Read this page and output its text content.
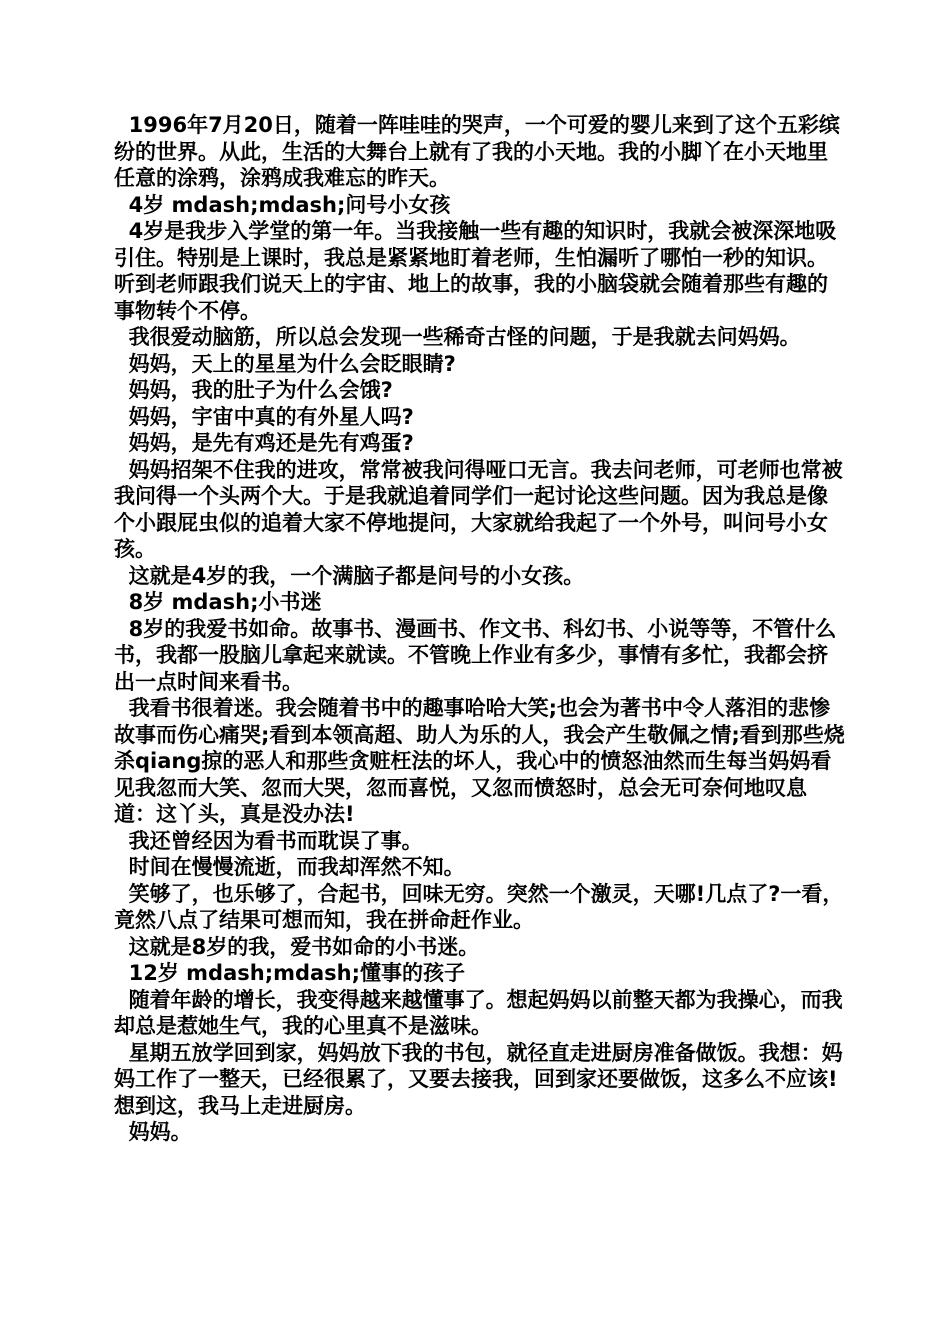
1996年7月20日，随着一阵哇哇的哭声，一个可爱的婴儿来到了这个五彩缤纷的世界。从此，生活的大舞台上就有了我的小天地。我的小脚丫在小天地里任意的涂鸦，涂鸦成我难忘的昨天。

4岁 mdash;mdash;问号小女孩

4岁是我步入学堂的第一年。当我接触一些有趣的知识时，我就会被深深地吸引住。特别是上课时，我总是紧紧地盯着老师，生怕漏听了哪怕一秒的知识。听到老师跟我们说天上的宇宙、地上的故事，我的小脑袋就会随着那些有趣的事物转个不停。

我很爱动脑筋，所以总会发现一些稀奇古怪的问题，于是我就去问妈妈。

妈妈，天上的星星为什么会眨眼睛?

妈妈，我的肚子为什么会饿?

妈妈，宇宙中真的有外星人吗?

妈妈，是先有鸡还是先有鸡蛋?

妈妈招架不住我的进攻，常常被我问得哑口无言。我去问老师，可老师也常被我问得一个头两个大。于是我就追着同学们一起讨论这些问题。因为我总是像个小跟屁虫似的追着大家不停地提问，大家就给我起了一个外号，叫问号小女孩。

这就是4岁的我，一个满脑子都是问号的小女孩。

8岁 mdash;小书迷

8岁的我爱书如命。故事书、漫画书、作文书、科幻书、小说等等，不管什么书，我都一股脑儿拿起来就读。不管晚上作业有多少，事情有多忙，我都会挤出一点时间来看书。

我看书很着迷。我会随着书中的趣事哈哈大笑;也会为著书中令人落泪的悲惨故事而伤心痛哭;看到本领高超、助人为乐的人，我会产生敬佩之情;看到那些烧杀qiang掠的恶人和那些贪赃枉法的坏人，我心中的愤怒油然而生每当妈妈看见我忽而大笑、忽而大哭，忽而喜悦，又忽而愤怒时，总会无可奈何地叹息道：这丫头，真是没办法!

我还曾经因为看书而耽误了事。

时间在慢慢流逝，而我却浑然不知。

笑够了，也乐够了，合起书，回味无穷。突然一个激灵，天哪!几点了?一看，竟然八点了结果可想而知，我在拼命赶作业。

这就是8岁的我，爱书如命的小书迷。

12岁 mdash;mdash;懂事的孩子

随着年龄的增长，我变得越来越懂事了。想起妈妈以前整天都为我操心，而我却总是惹她生气，我的心里真不是滋味。

星期五放学回到家，妈妈放下我的书包，就径直走进厨房准备做饭。我想：妈妈工作了一整天，已经很累了，又要去接我，回到家还要做饭，这多么不应该!想到这，我马上走进厨房。

妈妈。
